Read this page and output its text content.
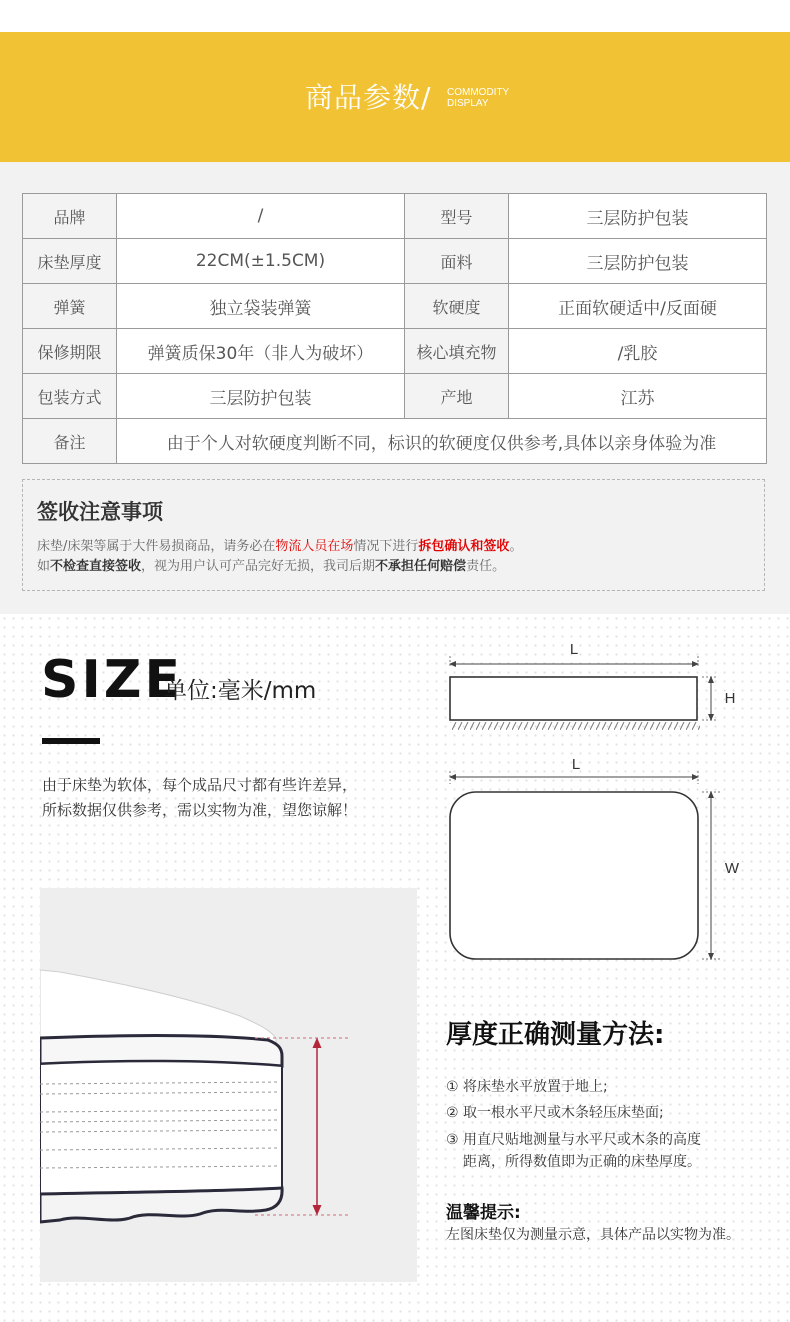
商品参数/ COMMODITY
DISPLAY
品牌	/	型号	三层防护包装
床垫厚度	22CM(±1.5CM)	面料	三层防护包装
弹簧	独立袋装弹簧	软硬度	正面软硬适中/反面硬
保修期限	弹簧质保30年（非人为破坏）	核心填充物	/乳胶
包装方式	三层防护包装	产地	江苏
备注	由于个人对软硬度判断不同，标识的软硬度仅供参考,具体以亲身体验为准		
签收注意事项
床垫/床架等属于大件易损商品，请务必在物流人员在场情况下进行拆包确认和签收。
如不检查直接签收，视为用户认可产品完好无损，我司后期不承担任何赔偿责任。
SIZE
单位:毫米/mm
由于床垫为软体，每个成品尺寸都有些许差异，
所标数据仅供参考，需以实物为准，望您谅解！
L
H
L
W
厚度正确测量方法:
① 将床垫水平放置于地上;
② 取一根水平尺或木条轻压床垫面;
③ 用直尺贴地测量与水平尺或木条的高度
距离，所得数值即为正确的床垫厚度。
温馨提示:
左图床垫仅为测量示意，具体产品以实物为准。
